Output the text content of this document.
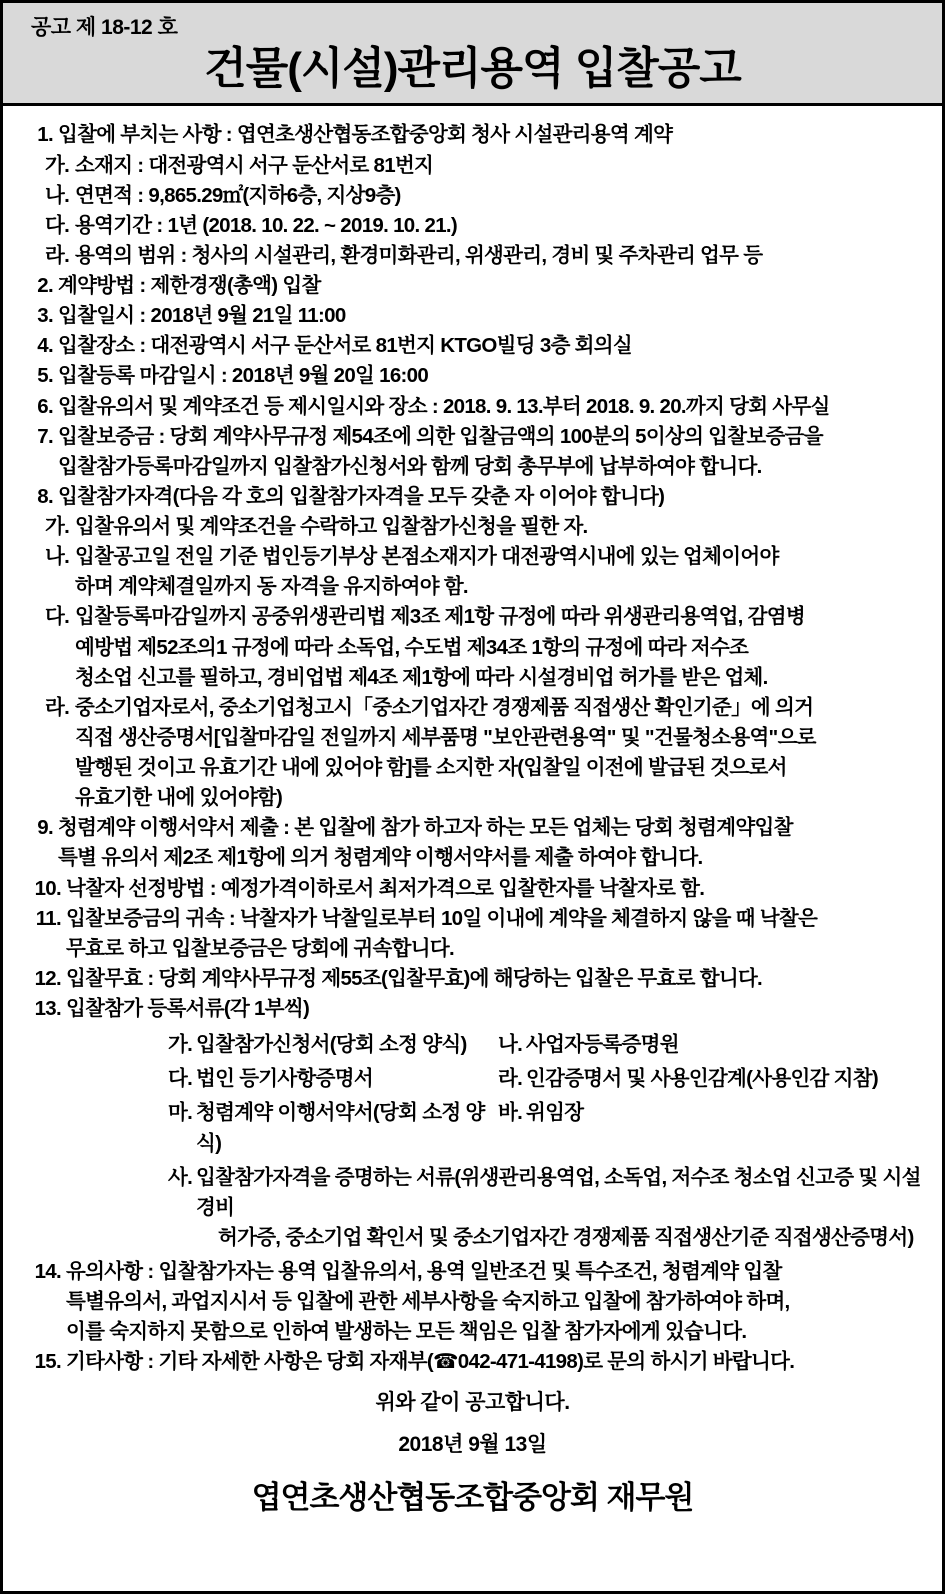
공고 제 18-12 호
건물(시설)관리용역 입찰공고
1. 입찰에 부치는 사항 : 엽연초생산협동조합중앙회 청사 시설관리용역 계약
가. 소재지 : 대전광역시 서구 둔산서로 81번지
나. 연면적 : 9,865.29㎡(지하6층, 지상9층)
다. 용역기간 : 1년 (2018. 10. 22. ~ 2019. 10. 21.)
라. 용역의 범위 : 청사의 시설관리, 환경미화관리, 위생관리, 경비 및 주차관리 업무 등
2. 계약방법 : 제한경쟁(총액) 입찰
3. 입찰일시 : 2018년 9월 21일 11:00
4. 입찰장소 : 대전광역시 서구 둔산서로 81번지 KTGO빌딩 3층 회의실
5. 입찰등록 마감일시 : 2018년 9월 20일 16:00
6. 입찰유의서 및 계약조건 등 제시일시와 장소 : 2018. 9. 13.부터 2018. 9. 20.까지 당회 사무실
7. 입찰보증금 : 당회 계약사무규정 제54조에 의한 입찰금액의 100분의 5이상의 입찰보증금을
입찰참가등록마감일까지 입찰참가신청서와 함께 당회 총무부에 납부하여야 합니다.
8. 입찰참가자격(다음 각 호의 입찰참가자격을 모두 갖춘 자 이어야 합니다)
가. 입찰유의서 및 계약조건을 수락하고 입찰참가신청을 필한 자.
나. 입찰공고일 전일 기준 법인등기부상 본점소재지가 대전광역시내에 있는 업체이어야
하며 계약체결일까지 동 자격을 유지하여야 함.
다. 입찰등록마감일까지 공중위생관리법 제3조 제1항 규정에 따라 위생관리용역업, 감염병
예방법 제52조의1 규정에 따라 소독업, 수도법 제34조 1항의 규정에 따라 저수조
청소업 신고를 필하고, 경비업법 제4조 제1항에 따라 시설경비업 허가를 받은 업체.
라. 중소기업자로서, 중소기업청고시「중소기업자간 경쟁제품 직접생산 확인기준」에 의거
직접 생산증명서[입찰마감일 전일까지 세부품명 "보안관련용역" 및 "건물청소용역"으로
발행된 것이고 유효기간 내에 있어야 함]를 소지한 자(입찰일 이전에 발급된 것으로서
유효기한 내에 있어야함)
9. 청렴계약 이행서약서 제출 : 본 입찰에 참가 하고자 하는 모든 업체는 당회 청렴계약입찰
특별 유의서 제2조 제1항에 의거 청렴계약 이행서약서를 제출 하여야 합니다.
10. 낙찰자 선정방법 : 예정가격이하로서 최저가격으로 입찰한자를 낙찰자로 함.
11. 입찰보증금의 귀속 : 낙찰자가 낙찰일로부터 10일 이내에 계약을 체결하지 않을 때 낙찰은
무효로 하고 입찰보증금은 당회에 귀속합니다.
12. 입찰무효 : 당회 계약사무규정 제55조(입찰무효)에 해당하는 입찰은 무효로 합니다.
13. 입찰참가 등록서류(각 1부씩)
가. 입찰참가신청서(당회 소정 양식) 나. 사업자등록증명원
다. 법인 등기사항증명서	라. 인감증명서 및 사용인감계(사용인감 지참)
마. 청렴계약 이행서약서(당회 소정 양식)
바. 위임장
사. 입찰참가자격을 증명하는 서류(위생관리용역업, 소독업, 저수조 청소업 신고증 및 시설경비
허가증, 중소기업 확인서 및 중소기업자간 경쟁제품 직접생산기준 직접생산증명서)
14. 유의사항 : 입찰참가자는 용역 입찰유의서, 용역 일반조건 및 특수조건, 청렴계약 입찰
특별유의서, 과업지시서 등 입찰에 관한 세부사항을 숙지하고 입찰에 참가하여야 하며,
이를 숙지하지 못함으로 인하여 발생하는 모든 책임은 입찰 참가자에게 있습니다.
15. 기타사항 : 기타 자세한 사항은 당회 자재부(☎042-471-4198)로 문의 하시기 바랍니다.
위와 같이 공고합니다.
2018년 9월 13일
엽연초생산협동조합중앙회 재무원
